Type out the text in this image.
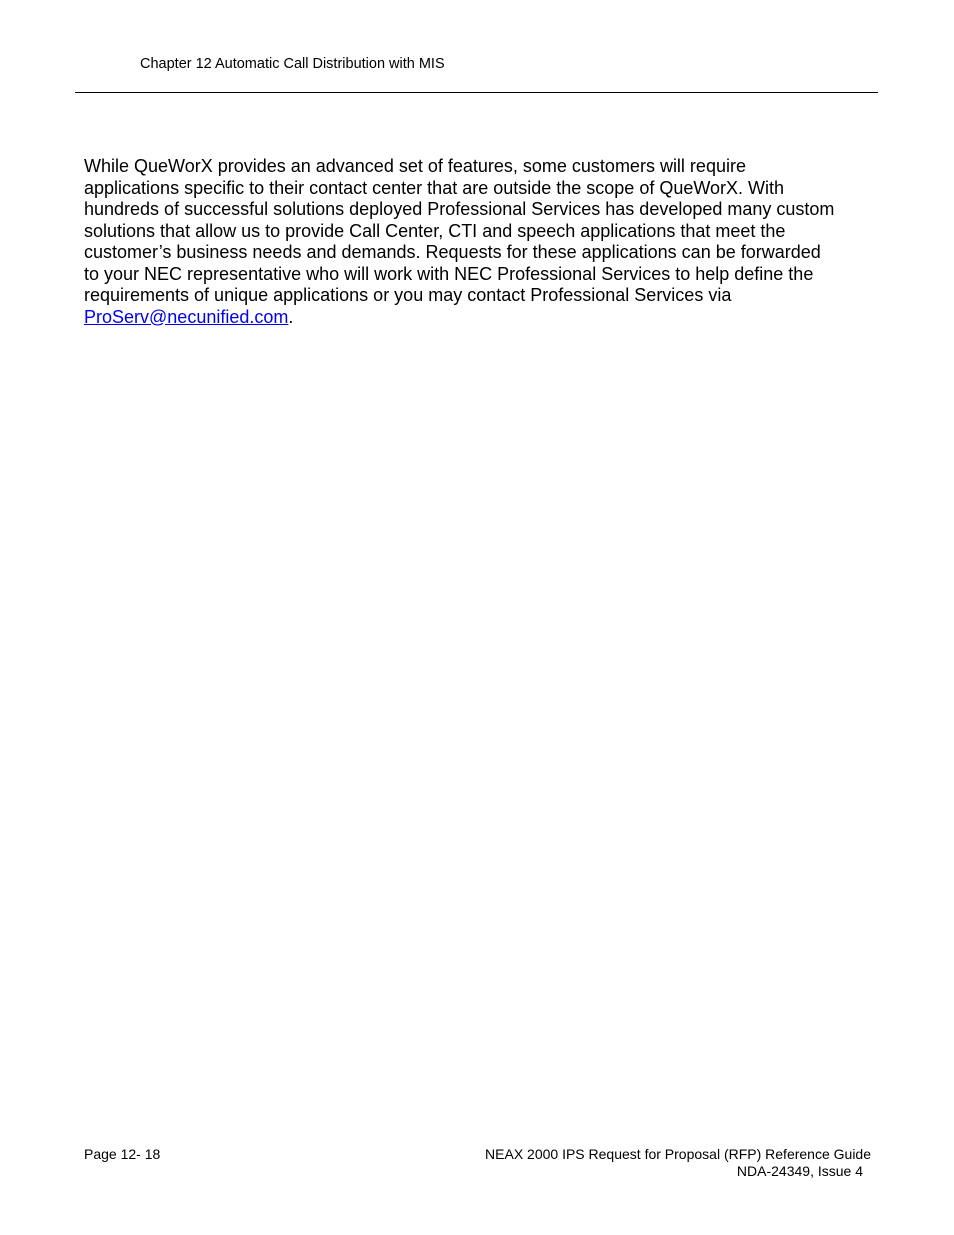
Chapter 12 Automatic Call Distribution with MIS
While QueWorX provides an advanced set of features, some customers will require
applications specific to their contact center that are outside the scope of QueWorX. With
hundreds of successful solutions deployed Professional Services has developed many custom
solutions that allow us to provide Call Center, CTI and speech applications that meet the
customer’s business needs and demands. Requests for these applications can be forwarded
to your NEC representative who will work with NEC Professional Services to help define the
requirements of unique applications or you may contact Professional Services via
ProServ@necunified.com.
Page 12- 18	NEAX 2000 IPS Request for Proposal (RFP) Reference Guide
NDA-24349, Issue 4
